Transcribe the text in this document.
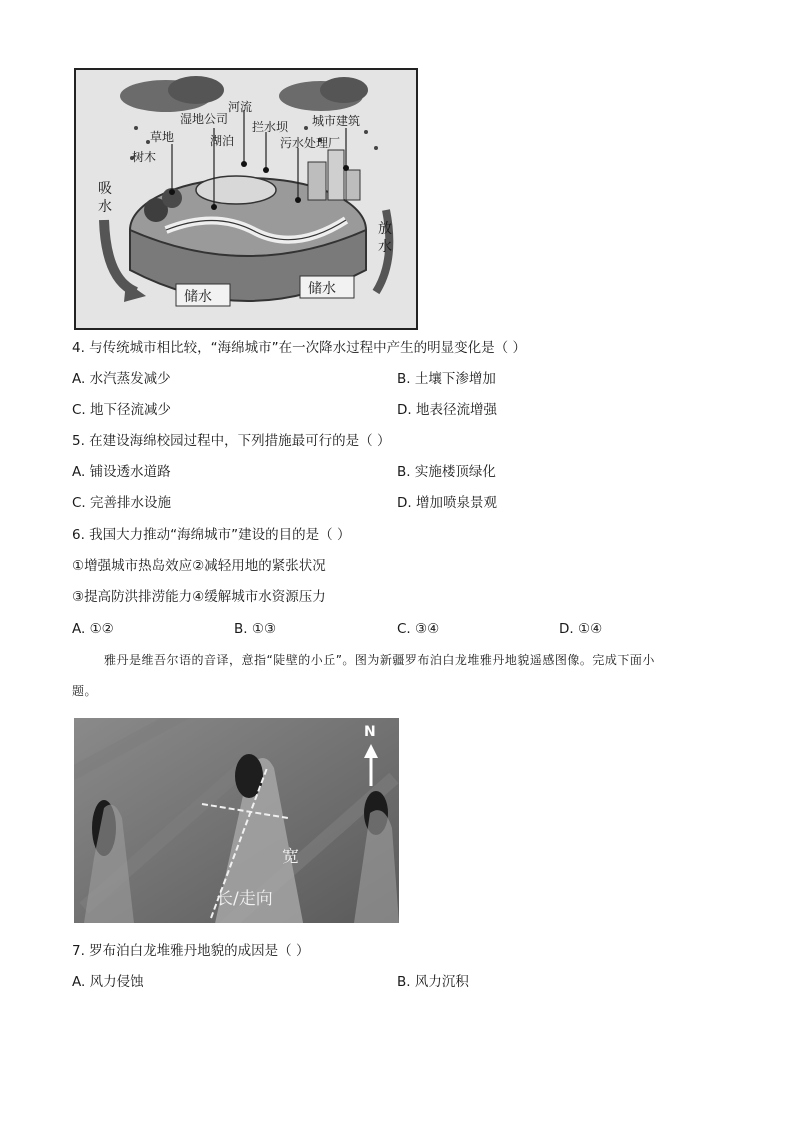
湿地公司
河流
草地
拦水坝 城市建筑
湖泊	污水处理厂
树木
吸水
放水
储水	储水
4. 与传统城市相比较，“海绵城市”在一次降水过程中产生的明显变化是（ ）
A. 水汽蒸发减少	B. 土壤下渗增加
C. 地下径流减少	D. 地表径流增强
5. 在建设海绵校园过程中，下列措施最可行的是（ ）
A. 铺设透水道路	B. 实施楼顶绿化
C. 完善排水设施	D. 增加喷泉景观
6. 我国大力推动“海绵城市”建设的目的是（ ）
①增强城市热岛效应②减轻用地的紧张状况
③提高防洪排涝能力④缓解城市水资源压力
A. ①②	B. ①③	C. ③④	D. ①④
雅丹是维吾尔语的音译，意指“陡壁的小丘”。图为新疆罗布泊白龙堆雅丹地貌遥感图像。完成下面小
题。
N
宽
长/走向
7. 罗布泊白龙堆雅丹地貌的成因是（ ）
A. 风力侵蚀	B. 风力沉积
